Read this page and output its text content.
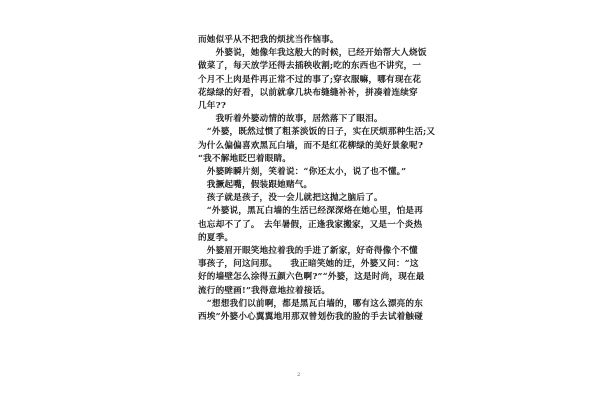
而她似乎从不把我的烦扰当作恼事。
　　外婆说，她像年我这般大的时候，已经开始帮大人烧饭
做菜了，每天放学还得去插秧收割;吃的东西也不讲究，一
个月不上肉是件再正常不过的事了;穿衣服嘛，哪有现在花
花绿绿的好看，以前就拿几块布缝缝补补，拼凑着连续穿
几年??
　　我听着外婆动情的故事，居然落下了眼泪。
　“外婆，既然过惯了粗茶淡饭的日子，实在厌烦那种生活;又
为什么偏偏喜欢黑瓦白墙，而不是红花柳绿的美好景象呢?
“我不解地眨巴着眼睛。
　外婆眸瞬片刻，笑着说：“你还太小，说了也不懂。”
　我撅起嘴，假装跟她赌气。
　孩子就是孩子，没一会儿就把这抛之脑后了。
　“外婆说，黑瓦白墙的生活已经深深烙在她心里，怕是再
也忘却不了了。　去年暑假，正逢我家搬家，又是一个炎热
的夏季。
　外婆眉开眼笑地拉着我的手进了新家，好奇得像个不懂
事孩子，问这问那。　　我正暗笑她的迂，外婆又问：“这
好的墙壁怎么涂得五颜六色啊?”“外婆，这是时尚，现在最
流行的壁画!”我得意地拉着接话。
　“想想我们以前啊，都是黑瓦白墙的，哪有这么漂亮的东
西埃”外婆小心翼翼地用那双曾划伤我的脸的手去试着触碰
2
